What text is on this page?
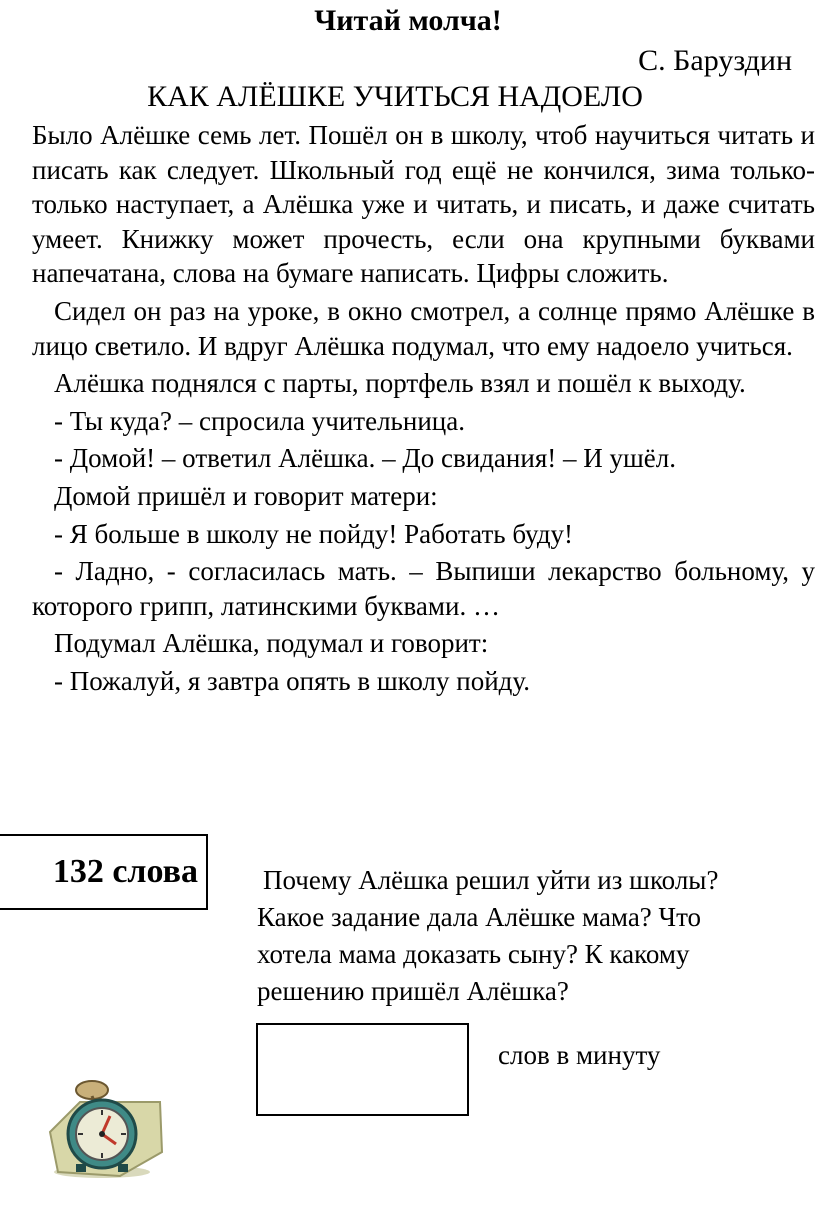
Читай молча!
С. Баруздин
КАК АЛЁШКЕ УЧИТЬСЯ НАДОЕЛО

Было Алёшке семь лет. Пошёл он в школу, чтоб научиться читать и писать как следует. Школьный год ещё не кончился, зима только-только наступает, а Алёшка уже и читать, и писать, и даже считать умеет. Книжку может прочесть, если она крупными буквами напечатана, слова на бумаге написать. Цифры сложить.

Сидел он раз на уроке, в окно смотрел, а солнце прямо Алёшке в лицо светило. И вдруг Алёшка подумал, что ему надоело учиться.

Алёшка поднялся с парты, портфель взял и пошёл к выходу.

- Ты куда? – спросила учительница.

- Домой! – ответил Алёшка. – До свидания! – И ушёл.

Домой пришёл и говорит матери:

- Я больше в школу не пойду! Работать буду!

- Ладно, - согласилась мать. – Выпиши лекарство больному, у которого грипп, латинскими буквами. …

Подумал Алёшка, подумал и говорит:

- Пожалуй, я завтра опять в школу пойду.

132 слова Почему Алёшка решил уйти из школы?

Какое задание дала Алёшке мама? Что

хотела мама доказать сыну? К какому

решению пришёл Алёшка?

слов в минуту
